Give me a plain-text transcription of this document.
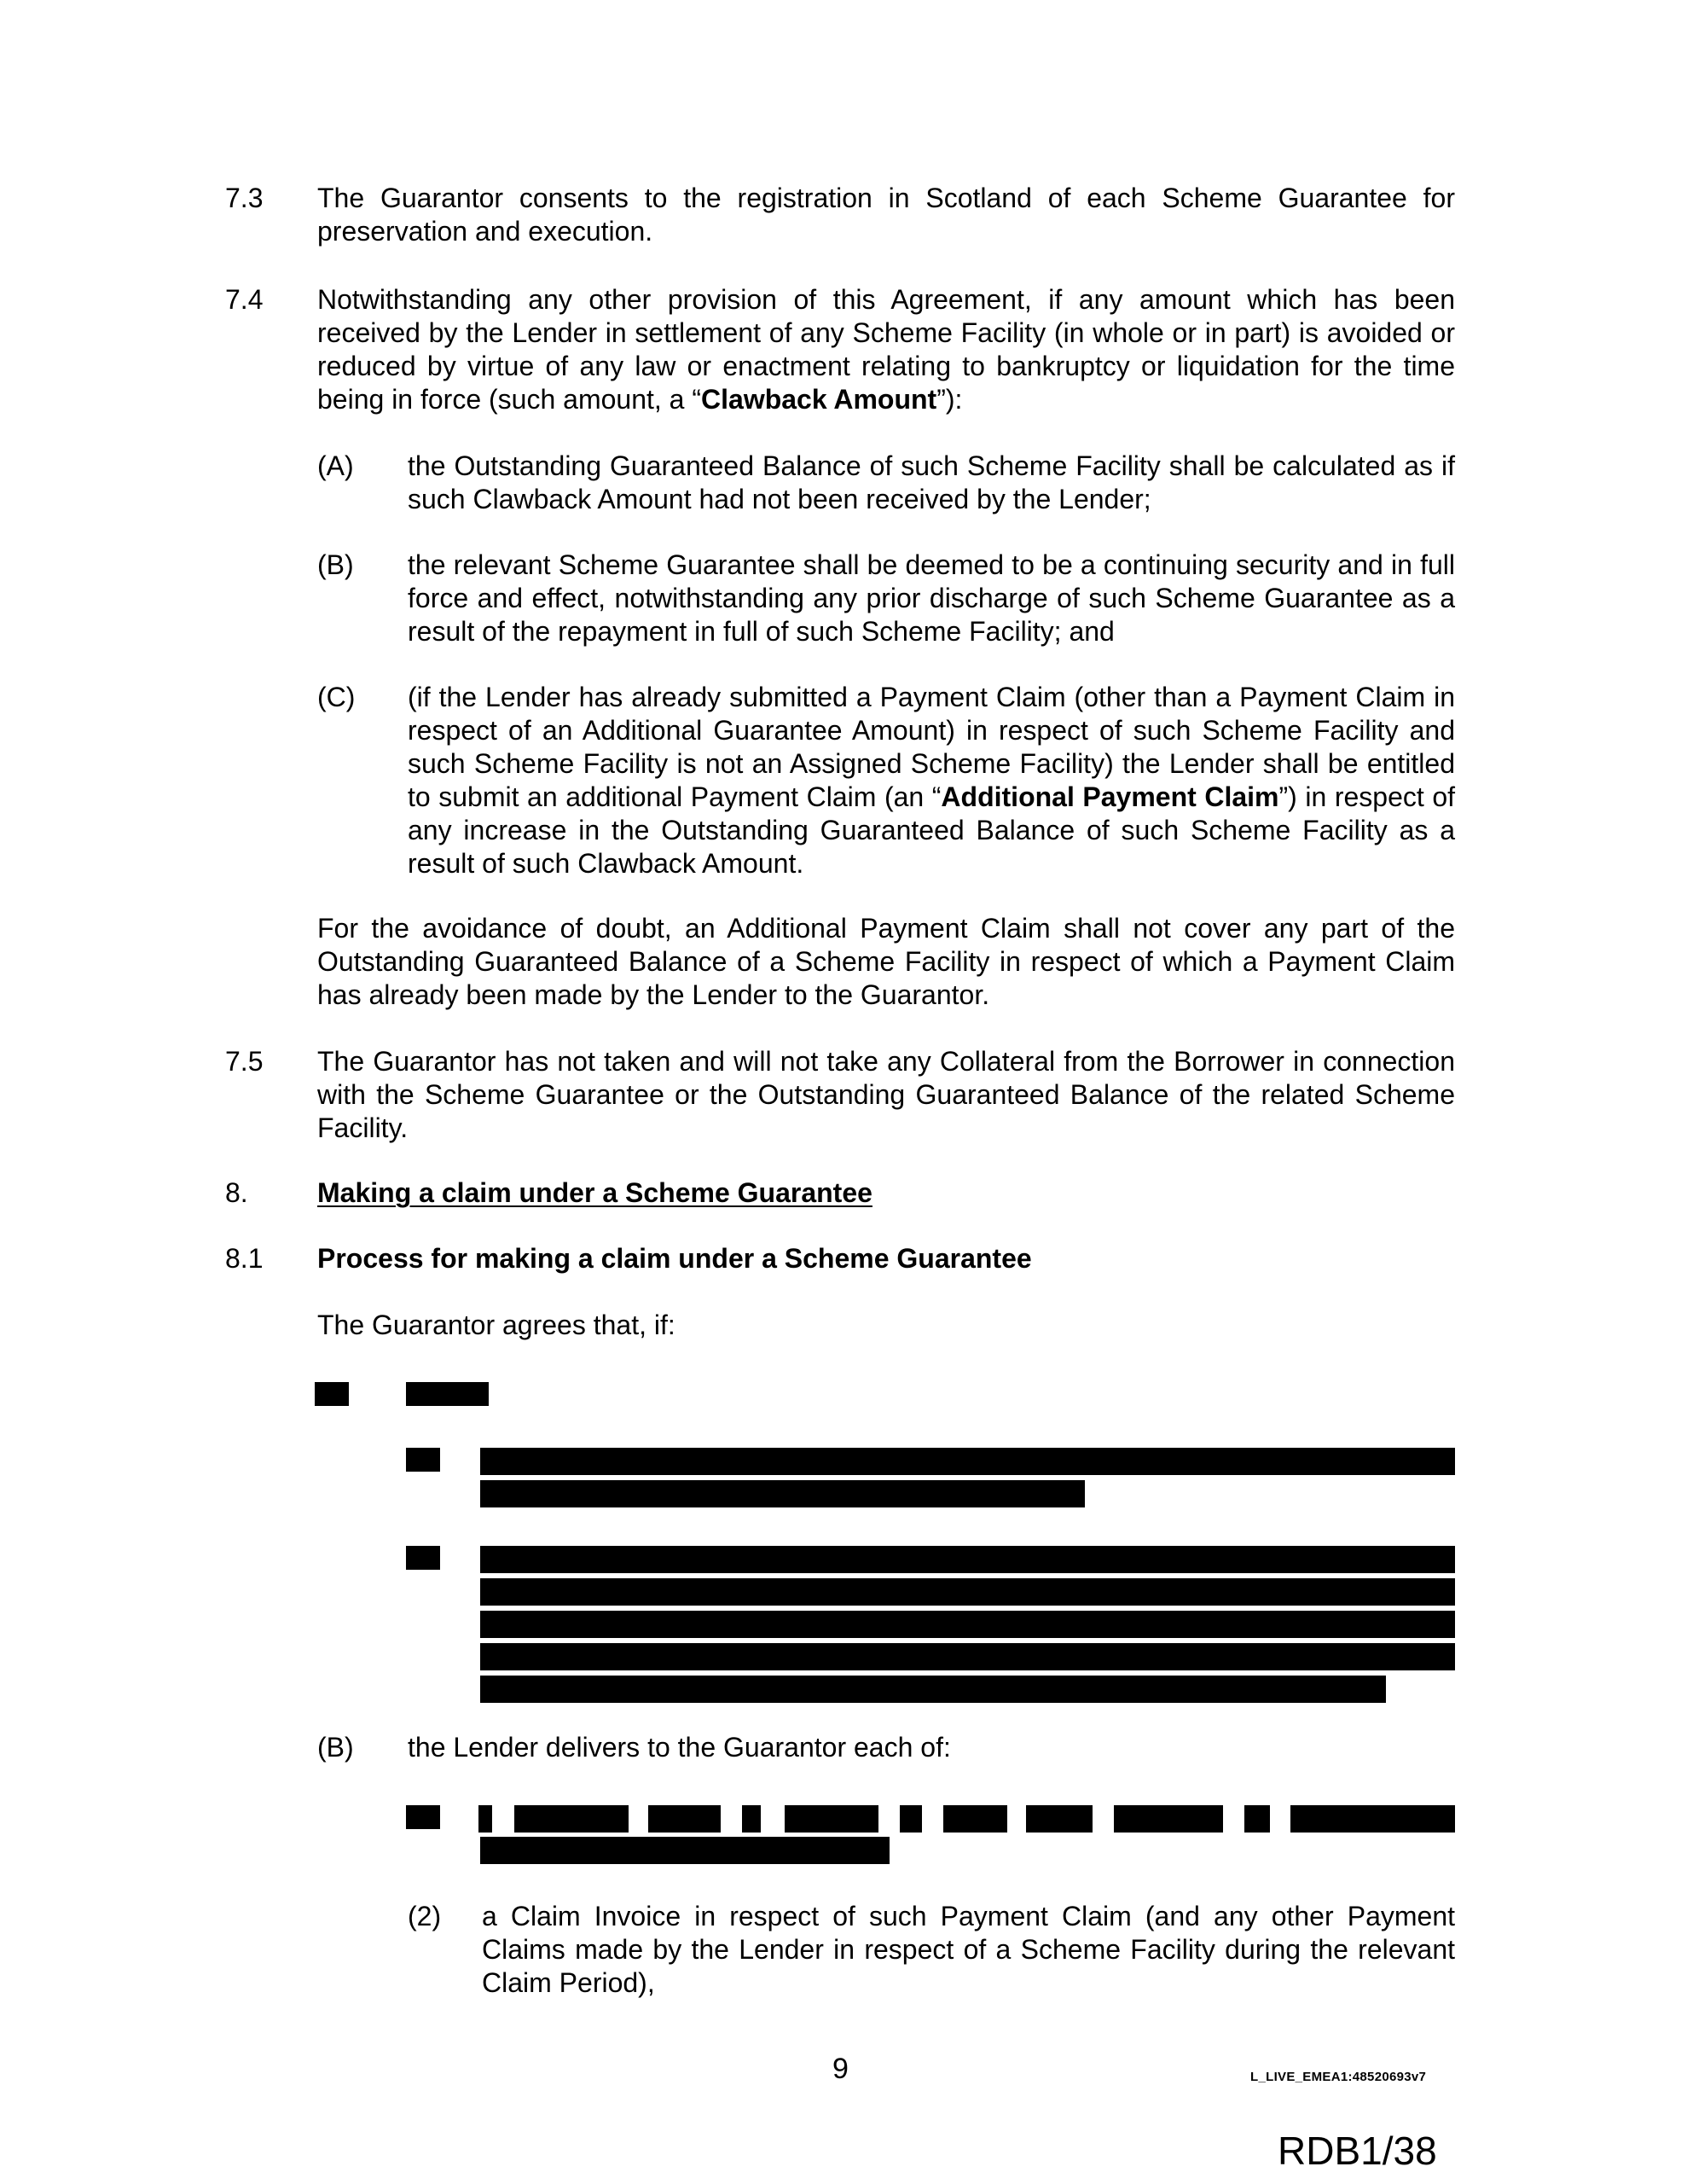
7.3 The Guarantor consents to the registration in Scotland of each Scheme Guarantee for preservation and execution.
7.4 Notwithstanding any other provision of this Agreement, if any amount which has been received by the Lender in settlement of any Scheme Facility (in whole or in part) is avoided or reduced by virtue of any law or enactment relating to bankruptcy or liquidation for the time being in force (such amount, a “Clawback Amount”):
(A) the Outstanding Guaranteed Balance of such Scheme Facility shall be calculated as if such Clawback Amount had not been received by the Lender;
(B) the relevant Scheme Guarantee shall be deemed to be a continuing security and in full force and effect, notwithstanding any prior discharge of such Scheme Guarantee as a result of the repayment in full of such Scheme Facility; and
(C) (if the Lender has already submitted a Payment Claim (other than a Payment Claim in respect of an Additional Guarantee Amount) in respect of such Scheme Facility and such Scheme Facility is not an Assigned Scheme Facility) the Lender shall be entitled to submit an additional Payment Claim (an “Additional Payment Claim”) in respect of any increase in the Outstanding Guaranteed Balance of such Scheme Facility as a result of such Clawback Amount.
For the avoidance of doubt, an Additional Payment Claim shall not cover any part of the Outstanding Guaranteed Balance of a Scheme Facility in respect of which a Payment Claim has already been made by the Lender to the Guarantor.
7.5 The Guarantor has not taken and will not take any Collateral from the Borrower in connection with the Scheme Guarantee or the Outstanding Guaranteed Balance of the related Scheme Facility.
8.	Making a claim under a Scheme Guarantee
8.1 Process for making a claim under a Scheme Guarantee
The Guarantor agrees that, if:
(B) the Lender delivers to the Guarantor each of:
(2) a Claim Invoice in respect of such Payment Claim (and any other Payment Claims made by the Lender in respect of a Scheme Facility during the relevant Claim Period),
9	L_LIVE_EMEA1:48520693v7
RDB1/38
